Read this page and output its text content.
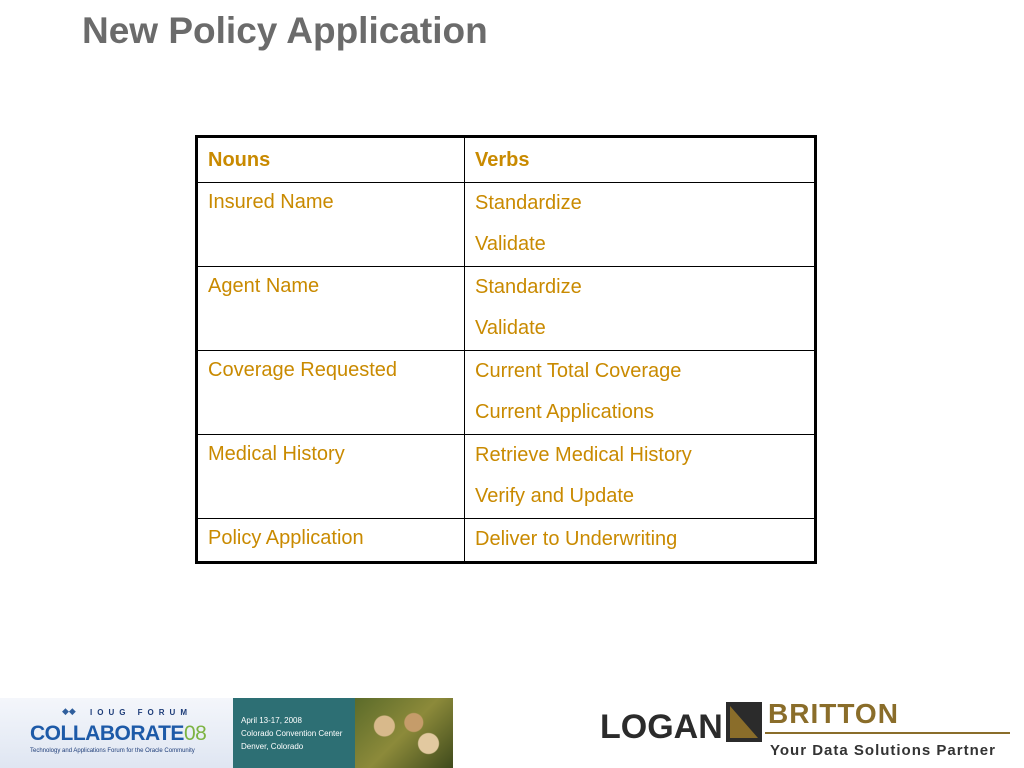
New Policy Application
Nouns	Verbs
Insured Name	Standardize
Validate

Agent Name	Standardize
Validate

Coverage Requested	Current Total Coverage
Current Applications

Medical History	Retrieve Medical History
Verify and Update

Policy Application	Deliver to Underwriting
◆◆ IOUG FORUM
COLLABORATE08
Technology and Applications Forum for the Oracle Community
April 13-17, 2008
Colorado Convention Center
Denver, Colorado
LOGAN BRITTON
Your Data Solutions Partner
